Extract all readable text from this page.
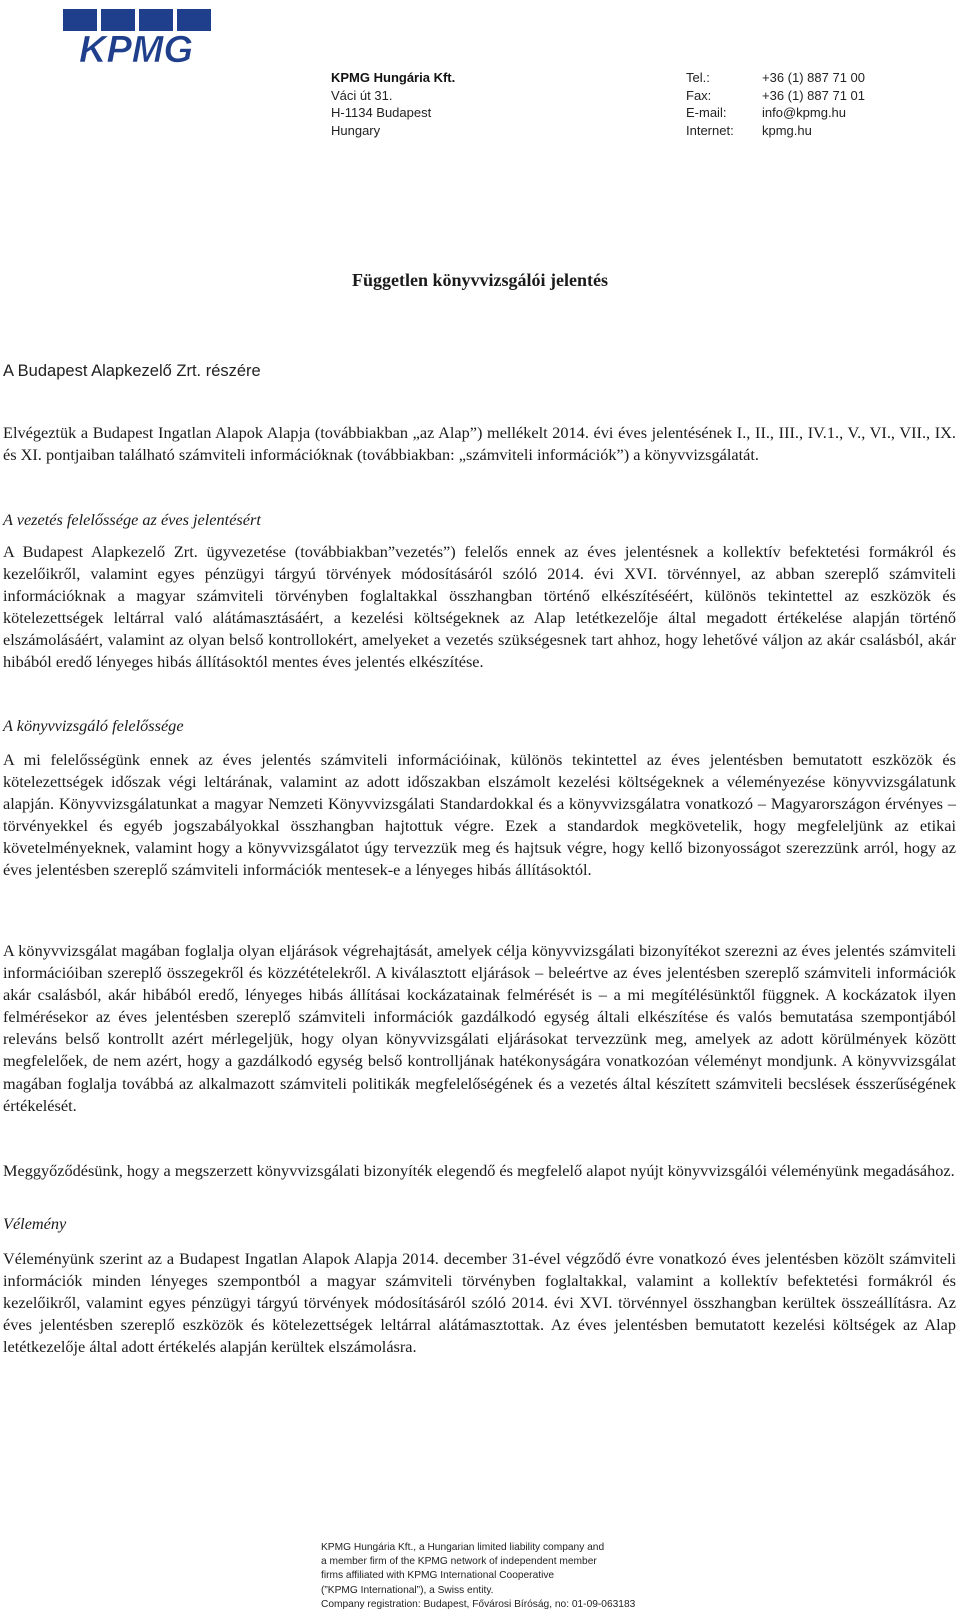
KPMG
KPMG Hungária Kft.
Váci út 31.
H-1134 Budapest
Hungary
Tel.:	+36 (1) 887 71 00
Fax:	+36 (1) 887 71 01
E-mail:	info@kpmg.hu
Internet:	kpmg.hu
Független könyvvizsgálói jelentés
A Budapest Alapkezelő Zrt. részére
Elvégeztük a Budapest Ingatlan Alapok Alapja (továbbiakban „az Alap”) mellékelt 2014. évi éves jelentésének I., II., III., IV.1., V., VI., VII., IX. és XI. pontjaiban található számviteli információknak (továbbiakban: „számviteli információk”) a könyvvizsgálatát.
A vezetés felelőssége az éves jelentésért
A Budapest Alapkezelő Zrt. ügyvezetése (továbbiakban”vezetés”) felelős ennek az éves jelentésnek a kollektív befektetési formákról és kezelőikről, valamint egyes pénzügyi tárgyú törvények módosításáról szóló 2014. évi XVI. törvénnyel, az abban szereplő számviteli információknak a magyar számviteli törvényben foglaltakkal összhangban történő elkészítéséért, különös tekintettel az eszközök és kötelezettségek leltárral való alátámasztásáért, a kezelési költségeknek az Alap letétkezelője által megadott értékelése alapján történő elszámolásáért, valamint az olyan belső kontrollokért, amelyeket a vezetés szükségesnek tart ahhoz, hogy lehetővé váljon az akár csalásból, akár hibából eredő lényeges hibás állításoktól mentes éves jelentés elkészítése.
A könyvvizsgáló felelőssége
A mi felelősségünk ennek az éves jelentés számviteli információinak, különös tekintettel az éves jelentésben bemutatott eszközök és kötelezettségek időszak végi leltárának, valamint az adott időszakban elszámolt kezelési költségeknek a véleményezése könyvvizsgálatunk alapján. Könyvvizsgálatunkat a magyar Nemzeti Könyvvizsgálati Standardokkal és a könyvvizsgálatra vonatkozó – Magyarországon érvényes – törvényekkel és egyéb jogszabályokkal összhangban hajtottuk végre. Ezek a standardok megkövetelik, hogy megfeleljünk az etikai követelményeknek, valamint hogy a könyvvizsgálatot úgy tervezzük meg és hajtsuk végre, hogy kellő bizonyosságot szerezzünk arról, hogy az éves jelentésben szereplő számviteli információk mentesek-e a lényeges hibás állításoktól.
A könyvvizsgálat magában foglalja olyan eljárások végrehajtását, amelyek célja könyvvizsgálati bizonyítékot szerezni az éves jelentés számviteli információiban szereplő összegekről és közzétételekről. A kiválasztott eljárások – beleértve az éves jelentésben szereplő számviteli információk akár csalásból, akár hibából eredő, lényeges hibás állításai kockázatainak felmérését is – a mi megítélésünktől függnek. A kockázatok ilyen felmérésekor az éves jelentésben szereplő számviteli információk gazdálkodó egység általi elkészítése és valós bemutatása szempontjából releváns belső kontrollt azért mérlegeljük, hogy olyan könyvvizsgálati eljárásokat tervezzünk meg, amelyek az adott körülmények között megfelelőek, de nem azért, hogy a gazdálkodó egység belső kontrolljának hatékonyságára vonatkozóan véleményt mondjunk. A könyvvizsgálat magában foglalja továbbá az alkalmazott számviteli politikák megfelelőségének és a vezetés által készített számviteli becslések ésszerűségének értékelését.
Meggyőződésünk, hogy a megszerzett könyvvizsgálati bizonyíték elegendő és megfelelő alapot nyújt könyvvizsgálói véleményünk megadásához.
Vélemény
Véleményünk szerint az a Budapest Ingatlan Alapok Alapja 2014. december 31-ével végződő évre vonatkozó éves jelentésben közölt számviteli információk minden lényeges szempontból a magyar számviteli törvényben foglaltakkal, valamint a kollektív befektetési formákról és kezelőikről, valamint egyes pénzügyi tárgyú törvények módosításáról szóló 2014. évi XVI. törvénnyel összhangban kerültek összeállításra. Az éves jelentésben szereplő eszközök és kötelezettségek leltárral alátámasztottak. Az éves jelentésben bemutatott kezelési költségek az Alap letétkezelője által adott értékelés alapján kerültek elszámolásra.
KPMG Hungária Kft., a Hungarian limited liability company and
a member firm of the KPMG network of independent member
firms affiliated with KPMG International Cooperative
(”KPMG International”), a Swiss entity.
Company registration: Budapest, Fővárosi Bíróság, no: 01-09-063183
